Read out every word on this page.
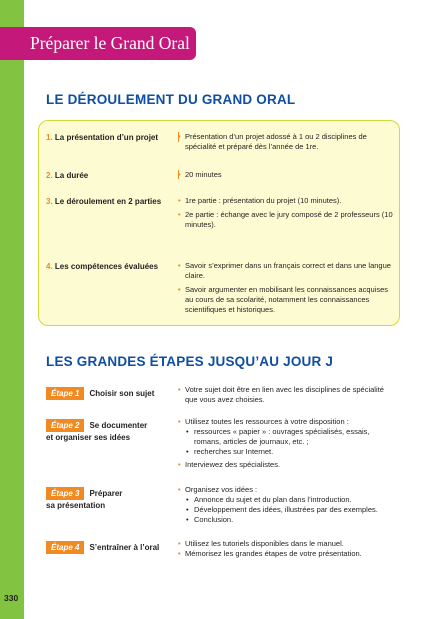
Préparer le Grand Oral
LE DÉROULEMENT DU GRAND ORAL
1. La présentation d’un projet	• Présentation d’un projet adossé à 1 ou 2 disciplines de spécialité et préparé dès l’année de 1re.

2. La durée	• 20 minutes

3. Le déroulement en 2 parties • 1re partie : présentation du projet (10 minutes).

• 2e partie : échange avec le jury composé de 2 professeurs (10 minutes).

4. Les compétences évaluées	• Savoir s’exprimer dans un français correct et dans une langue claire.

• Savoir argumenter en mobilisant les connaissances acquises au cours de sa scolarité, notamment les connaissances scientifiques et historiques.

LES GRANDES ÉTAPES JUSQU’AU JOUR J
Étape 1 Choisir son sujet	• Votre sujet doit être en lien avec les disciplines de spécialité que vous avez choisies.

Étape 2 Se documenter
et organiser ses idées

• Utilisez toutes les ressources à votre disposition :

• ressources « papier » : ouvrages spécialisés, essais, romans, articles de journaux, etc. ;

• recherches sur Internet.

• Interviewez des spécialistes.

Étape 3 Préparer
sa présentation

• Organisez vos idées :

• Annonce du sujet et du plan dans l’introduction.

• Développement des idées, illustrées par des exemples.

• Conclusion.

Étape 4 S’entraîner à l’oral • Utilisez les tutoriels disponibles dans le manuel.

• Mémorisez les grandes étapes de votre présentation.

330
